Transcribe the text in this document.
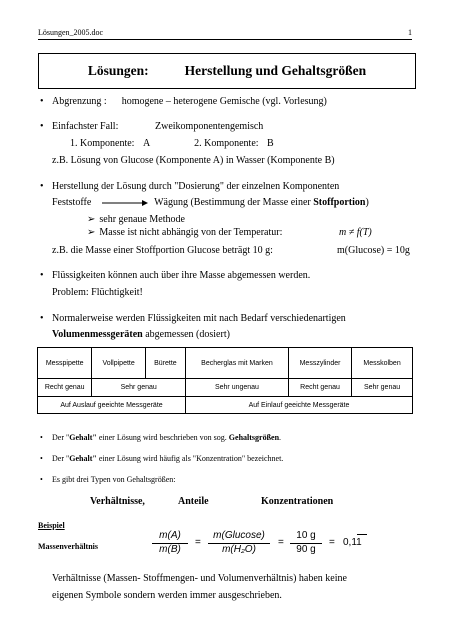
Lösungen_2005.doc	1
Lösungen:	Herstellung und Gehaltsgrößen
• Abgrenzung : homogene – heterogene Gemische (vgl. Vorlesung)
• Einfachster Fall:	Zweikomponentengemisch
1. Komponente: A	2. Komponente: B
z.B. Lösung von Glucose (Komponente A) in Wasser (Komponente B)
• Herstellung der Lösung durch "Dosierung" der einzelnen Komponenten
Feststoffe	Wägung (Bestimmung der Masse einer Stoffportion)
➢ sehr genaue Methode
➢ Masse ist nicht abhängig von der Temperatur:	m ≠ f(T)
z.B. die Masse einer Stoffportion Glucose beträgt 10 g:	m(Glucose) = 10g
• Flüssigkeiten können auch über ihre Masse abgemessen werden.
Problem: Flüchtigkeit!
• Normalerweise werden Flüssigkeiten mit nach Bedarf verschiedenartigen
Volumenmessgeräten abgemessen (dosiert)
Messpipette	Vollpipette	Bürette	Becherglas mit Marken	Messzylinder	Messkolben
Recht genau	Sehr genau		Sehr ungenau	Recht genau	Sehr genau
Auf Auslauf geeichte Messgeräte			Auf Einlauf geeichte Messgeräte		
• Der "Gehalt" einer Lösung wird beschrieben von sog. Gehaltsgrößen.
• Der "Gehalt" einer Lösung wird häufig als "Konzentration" bezeichnet.
• Es gibt drei Typen von Gehaltsgrößen:
Verhältnisse,	Anteile	Konzentrationen
Beispiel
Massenverhältnis	$\frac{m(A)}{m(B)}$ =
m(Glucose)
m(H₂O)
= $\frac{10 g}{90 g} = 0,11$
Verhältnisse (Massen- Stoffmengen- und Volumenverhältnis) haben keine
eigenen Symbole sondern werden immer ausgeschrieben.
